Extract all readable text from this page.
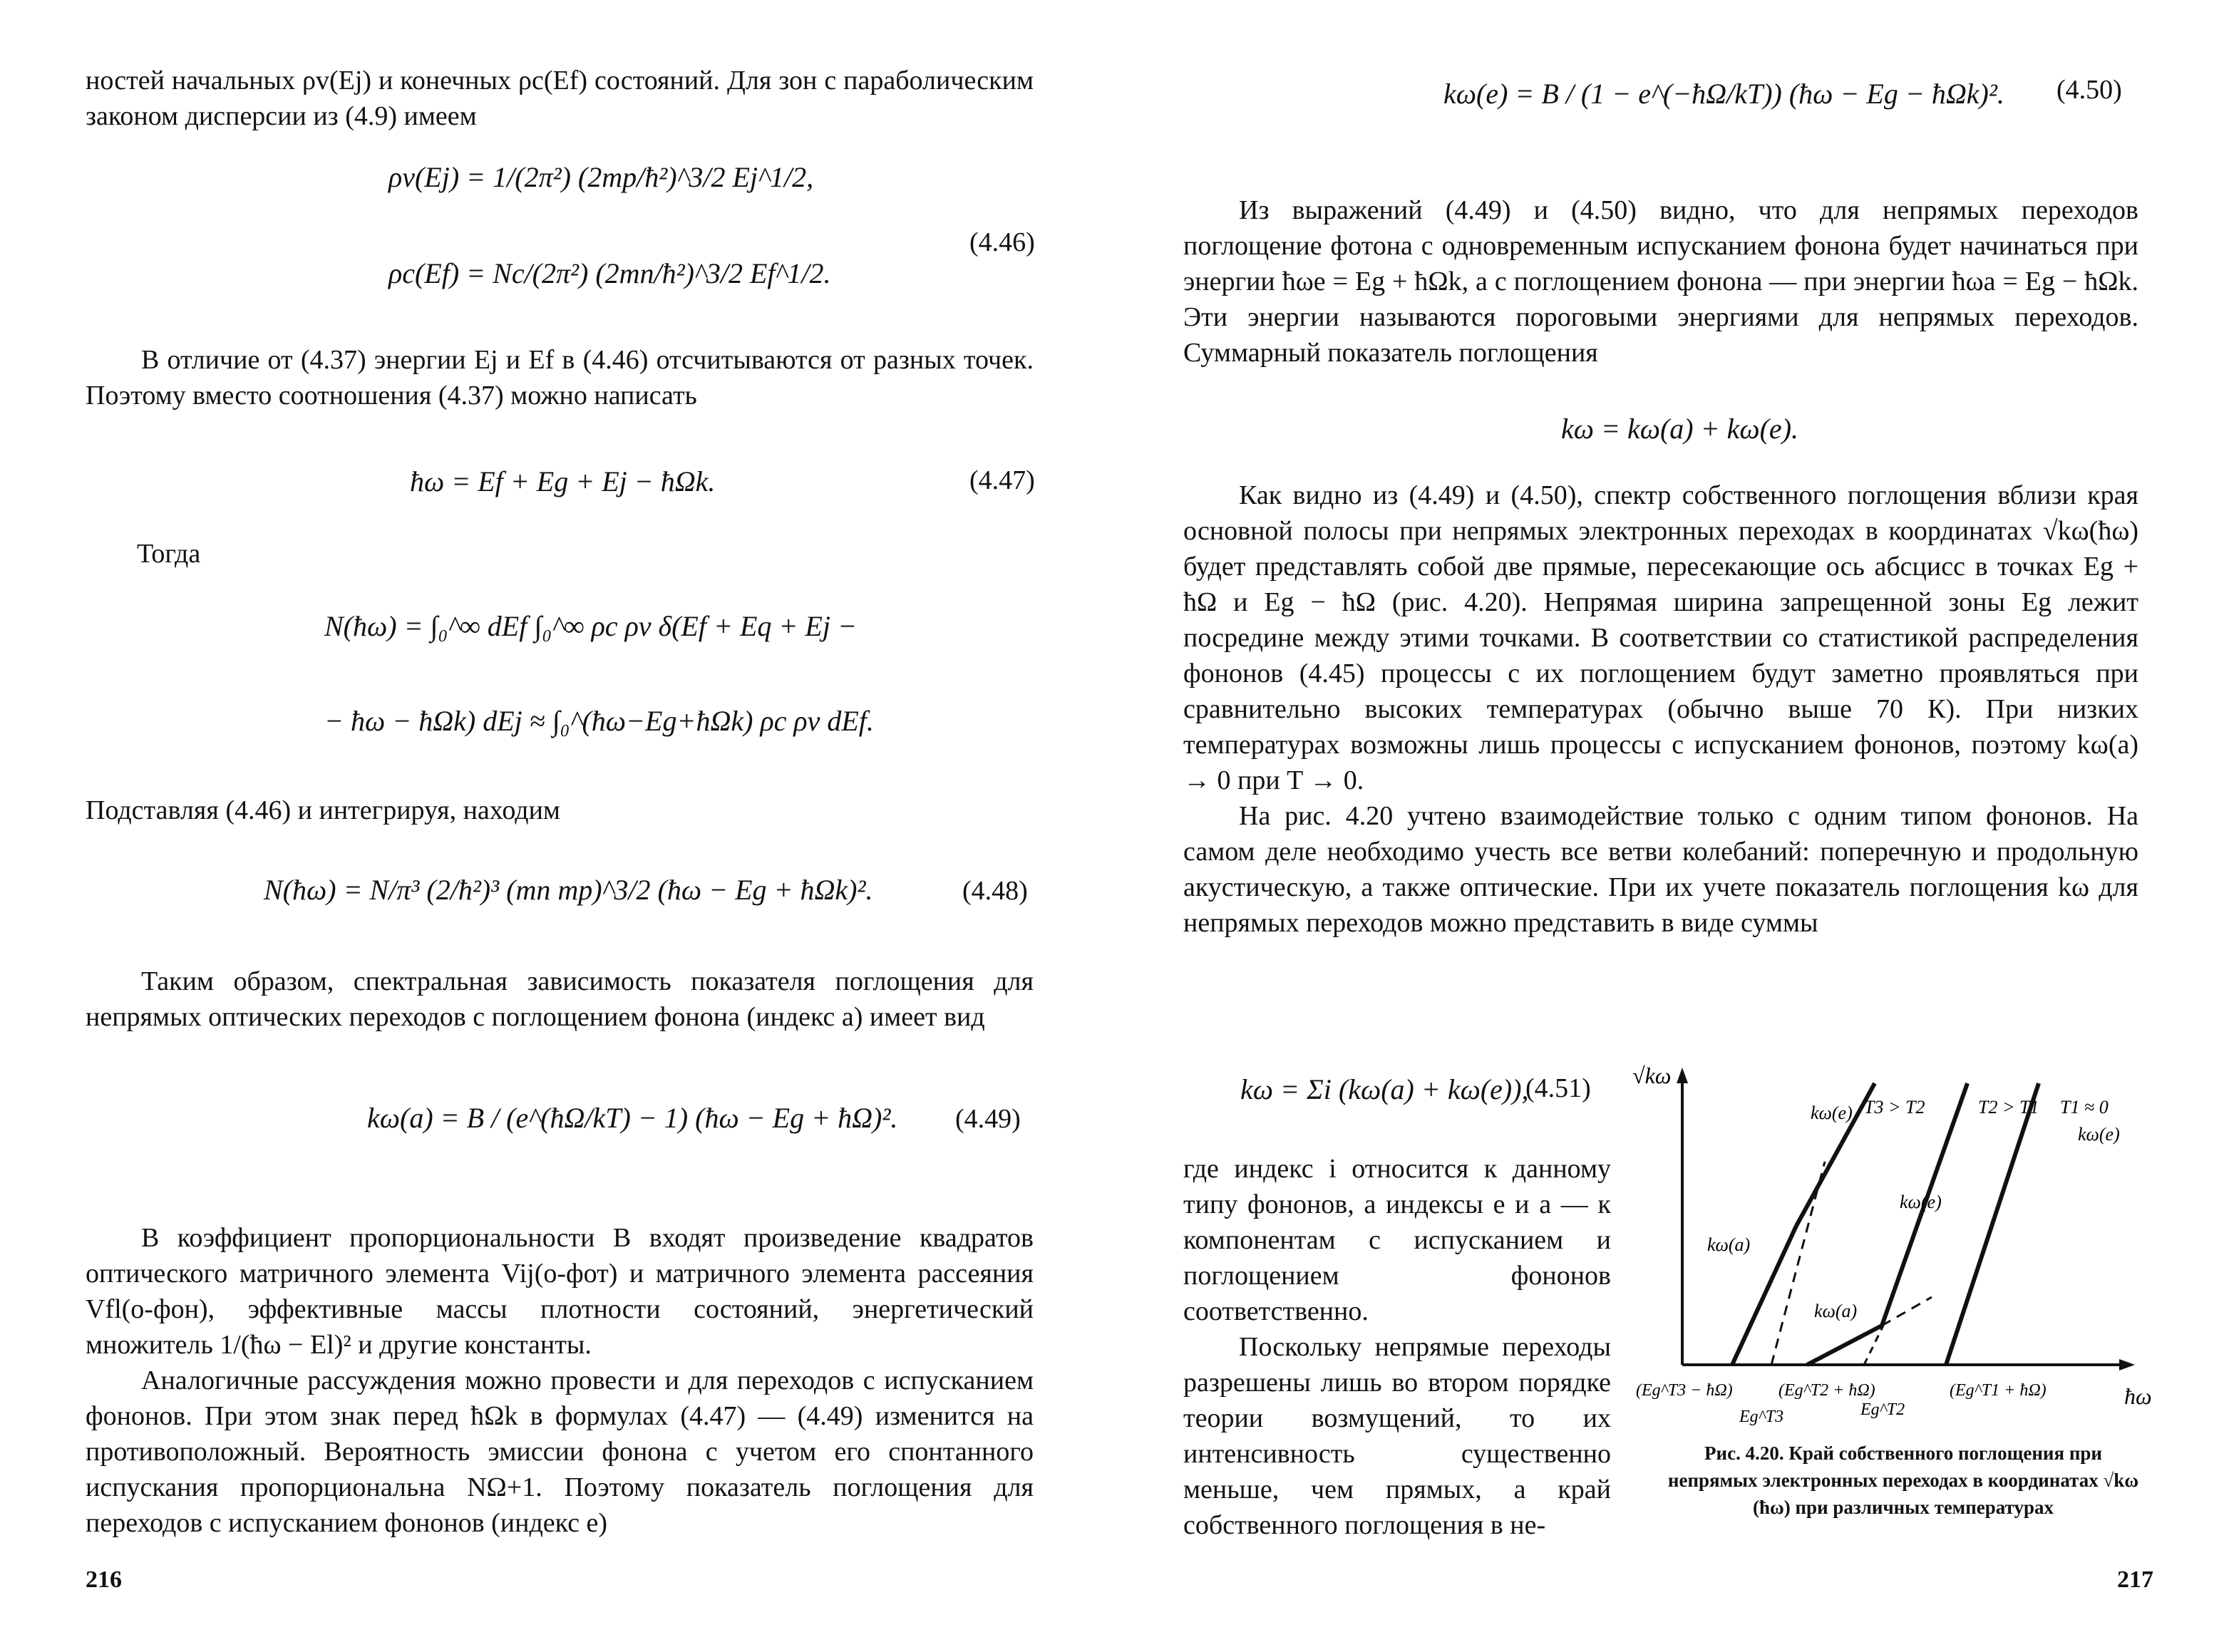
ностей начальных ρv(Ej) и конечных ρc(Ef) состояний. Для зон с параболическим законом дисперсии из (4.9) имеем

ρv(Ej) = 1/(2π²) (2mp/ħ²)^3/2 Ej^1/2,
ρc(Ef) = Nc/(2π²) (2mn/ħ²)^3/2 Ef^1/2.
(4.46)

В отличие от (4.37) энергии Ej и Ef в (4.46) отсчитываются от разных точек. Поэтому вместо соотношения (4.37) можно написать

ħω = Ef + Eg + Ej − ħΩk.	(4.47)

Тогда

N(ħω) = ∫₀^∞ dEf ∫₀^∞ ρc ρv δ(Ef + Eq + Ej −
− ħω − ħΩk) dEj ≈ ∫₀^(ħω−Eg+ħΩk) ρc ρv dEf.

Подставляя (4.46) и интегрируя, находим

N(ħω) = N/π³ (2/ħ²)³ (mn mp)^3/2 (ħω − Eg + ħΩk)².	(4.48)

Таким образом, спектральная зависимость показателя поглощения для непрямых оптических переходов с поглощением фонона (индекс a) имеет вид

kω(a) = B / (e^(ħΩ/kT) − 1) (ħω − Eg + ħΩ)². (4.49)

В коэффициент пропорциональности B входят произведение квадратов оптического матричного элемента Vij(о-фот) и матричного элемента рассеяния Vfl(о-фон), эффективные массы плотности состояний, энергетический множитель 1/(ħω − El)² и другие константы.

Аналогичные рассуждения можно провести и для переходов с испусканием фононов. При этом знак перед ħΩk в формулах (4.47) — (4.49) изменится на противоположный. Вероятность эмиссии фонона с учетом его спонтанного испускания пропорциональна NΩ+1. Поэтому показатель поглощения для переходов с испусканием фононов (индекс e)

216
kω(e) = B / (1 − e^(−ħΩ/kT)) (ħω − Eg − ħΩk)². (4.50)

Из выражений (4.49) и (4.50) видно, что для непрямых переходов поглощение фотона с одновременным испусканием фонона будет начинаться при энергии ħωe = Eg + ħΩk, а с поглощением фонона — при энергии ħωa = Eg − ħΩk. Эти энергии называются пороговыми энергиями для непрямых переходов. Суммарный показатель поглощения

kω = kω(a) + kω(e).

Как видно из (4.49) и (4.50), спектр собственного поглощения вблизи края основной полосы при непрямых электронных переходах в координатах √kω(ħω) будет представлять собой две прямые, пересекающие ось абсцисс в точках Eg + ħΩ и Eg − ħΩ (рис. 4.20). Непрямая ширина запрещенной зоны Eg лежит посредине между этими точками. В соответствии со статистикой распределения фононов (4.45) процессы с их поглощением будут заметно проявляться при сравнительно высоких температурах (обычно выше 70 К). При низких температурах возможны лишь процессы с испусканием фононов, поэтому kω(a) → 0 при T → 0.

На рис. 4.20 учтено взаимодействие только с одним типом фононов. На самом деле необходимо учесть все ветви колебаний: поперечную и продольную акустическую, а также оптические. При их учете показатель поглощения kω для непрямых переходов можно представить в виде суммы

kω = Σi (kω(a) + kω(e)),
(4.51)

где индекс i относится к данному типу фононов, а индексы e и a — к компонентам с испусканием и поглощением фононов соответственно.

Поскольку непрямые переходы разрешены лишь во втором порядке теории возмущений, то их интенсивность существенно меньше, чем прямых, а край собственного поглощения в не-

√kω
ħω
T3 > T2	T2 > T1 T1 ≈ 0
kω(e)
kω(e)
kω(e)
kω(a)
kω(a)
(Eg^T3 − ħΩ)	(Eg^T2 + ħΩ)	(Eg^T1 + ħΩ)
Eg^T3	Eg^T2
Рис. 4.20. Край собственного поглощения при непрямых электронных переходах в координатах √kω (ħω) при различных температурах
217
